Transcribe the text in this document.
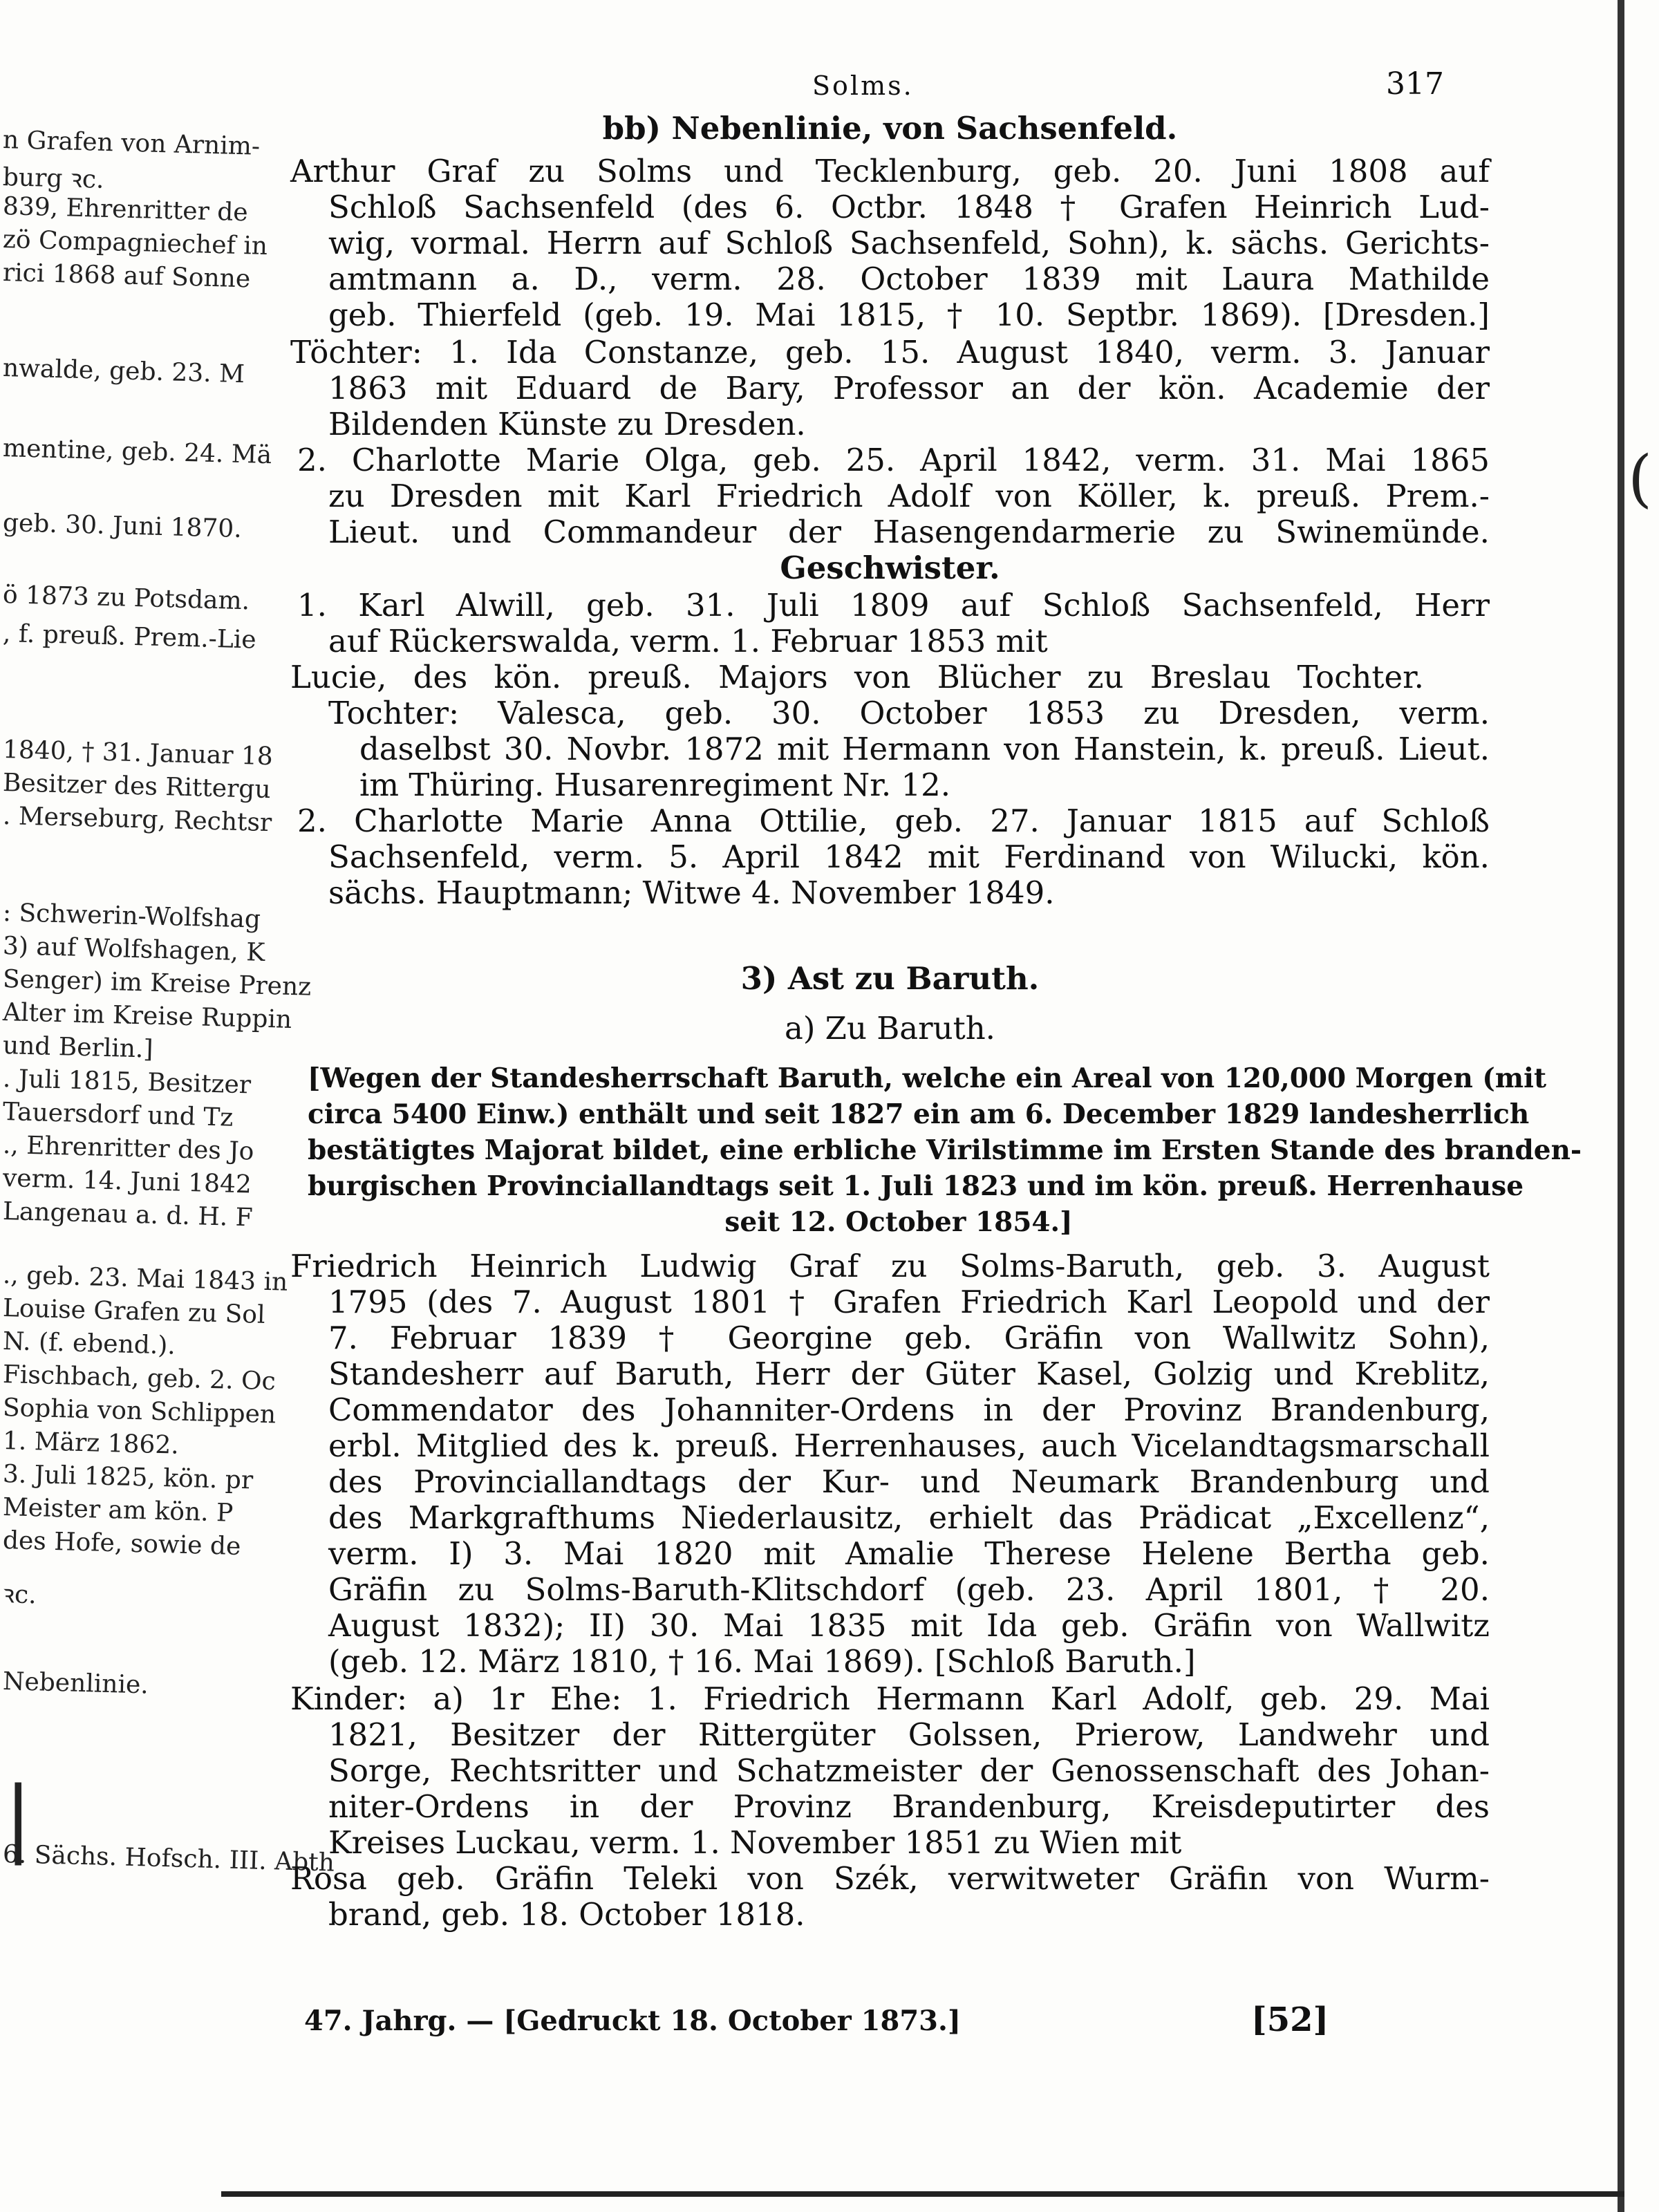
n Grafen von Arnim-
burg ꝛc.
839, Ehrenritter de
zö Compagniechef in
rici 1868 auf Sonne
nwalde, geb. 23. M
mentine, geb. 24. Mä
geb. 30. Juni 1870.
ö 1873 zu Potsdam.
, f. preuß. Prem.-Lie
1840, † 31. Januar 18
Besitzer des Rittergu
. Merseburg, Rechtsr
: Schwerin-Wolfshag
3) auf Wolfshagen, K
Senger) im Kreise Prenz
Alter im Kreise Ruppin
und Berlin.]
. Juli 1815, Besitzer
Tauersdorf und Tz
., Ehrenritter des Jo
verm. 14. Juni 1842
Langenau a. d. H. F
., geb. 23. Mai 1843 in
Louise Grafen zu Sol
N. (f. ebend.).
Fischbach, geb. 2. Oc
Sophia von Schlippen
1. März 1862.
3. Juli 1825, kön. pr
Meister am kön. P
des Hofe, sowie de
ꝛc.
Nebenlinie.
6. Sächs. Hofsch. III. Abth
Solms.	317
bb) Nebenlinie, von Sachsenfeld.
Arthur Graf zu Solms und Tecklenburg, geb. 20. Juni 1808 auf
Schloß Sachsenfeld (des 6. Octbr. 1848 † Grafen Heinrich Lud-
wig, vormal. Herrn auf Schloß Sachsenfeld, Sohn), k. sächs. Gerichts-
amtmann a. D., verm. 28. October 1839 mit Laura Mathilde
geb. Thierfeld (geb. 19. Mai 1815, † 10. Septbr. 1869). [Dresden.]
Töchter: 1. Ida Constanze, geb. 15. August 1840, verm. 3. Januar
1863 mit Eduard de Bary, Professor an der kön. Academie der
Bildenden Künste zu Dresden.
2. Charlotte Marie Olga, geb. 25. April 1842, verm. 31. Mai 1865
zu Dresden mit Karl Friedrich Adolf von Köller, k. preuß. Prem.-
Lieut. und Commandeur der Hasengendarmerie zu Swinemünde.
Geschwister.
1. Karl Alwill, geb. 31. Juli 1809 auf Schloß Sachsenfeld, Herr
auf Rückerswalda, verm. 1. Februar 1853 mit
Lucie, des kön. preuß. Majors von Blücher zu Breslau Tochter.
Tochter: Valesca, geb. 30. October 1853 zu Dresden, verm.
daselbst 30. Novbr. 1872 mit Hermann von Hanstein, k. preuß. Lieut.
im Thüring. Husarenregiment Nr. 12.
2. Charlotte Marie Anna Ottilie, geb. 27. Januar 1815 auf Schloß
Sachsenfeld, verm. 5. April 1842 mit Ferdinand von Wilucki, kön.
sächs. Hauptmann; Witwe 4. November 1849.
3) Ast zu Baruth.
a) Zu Baruth.
[Wegen der Standesherrschaft Baruth, welche ein Areal von 120,000 Morgen (mit
circa 5400 Einw.) enthält und seit 1827 ein am 6. December 1829 landesherrlich
bestätigtes Majorat bildet, eine erbliche Virilstimme im Ersten Stande des branden-
burgischen Provinciallandtags seit 1. Juli 1823 und im kön. preuß. Herrenhause
seit 12. October 1854.]
Friedrich Heinrich Ludwig Graf zu Solms-Baruth, geb. 3. August
1795 (des 7. August 1801 † Grafen Friedrich Karl Leopold und der
7. Februar 1839 † Georgine geb. Gräfin von Wallwitz Sohn),
Standesherr auf Baruth, Herr der Güter Kasel, Golzig und Kreblitz,
Commendator des Johanniter-Ordens in der Provinz Brandenburg,
erbl. Mitglied des k. preuß. Herrenhauses, auch Vicelandtagsmarschall
des Provinciallandtags der Kur- und Neumark Brandenburg und
des Markgrafthums Niederlausitz, erhielt das Prädicat „Excellenz“,
verm. I) 3. Mai 1820 mit Amalie Therese Helene Bertha geb.
Gräfin zu Solms-Baruth-Klitschdorf (geb. 23. April 1801, † 20.
August 1832); II) 30. Mai 1835 mit Ida geb. Gräfin von Wallwitz
(geb. 12. März 1810, † 16. Mai 1869). [Schloß Baruth.]
Kinder: a) 1r Ehe: 1. Friedrich Hermann Karl Adolf, geb. 29. Mai
1821, Besitzer der Rittergüter Golssen, Prierow, Landwehr und
Sorge, Rechtsritter und Schatzmeister der Genossenschaft des Johan-
niter-Ordens in der Provinz Brandenburg, Kreisdeputirter des
Kreises Luckau, verm. 1. November 1851 zu Wien mit
Rosa geb. Gräfin Teleki von Szék, verwitweter Gräfin von Wurm-
brand, geb. 18. October 1818.
47. Jahrg. — [Gedruckt 18. October 1873.]	[52]
|
(
